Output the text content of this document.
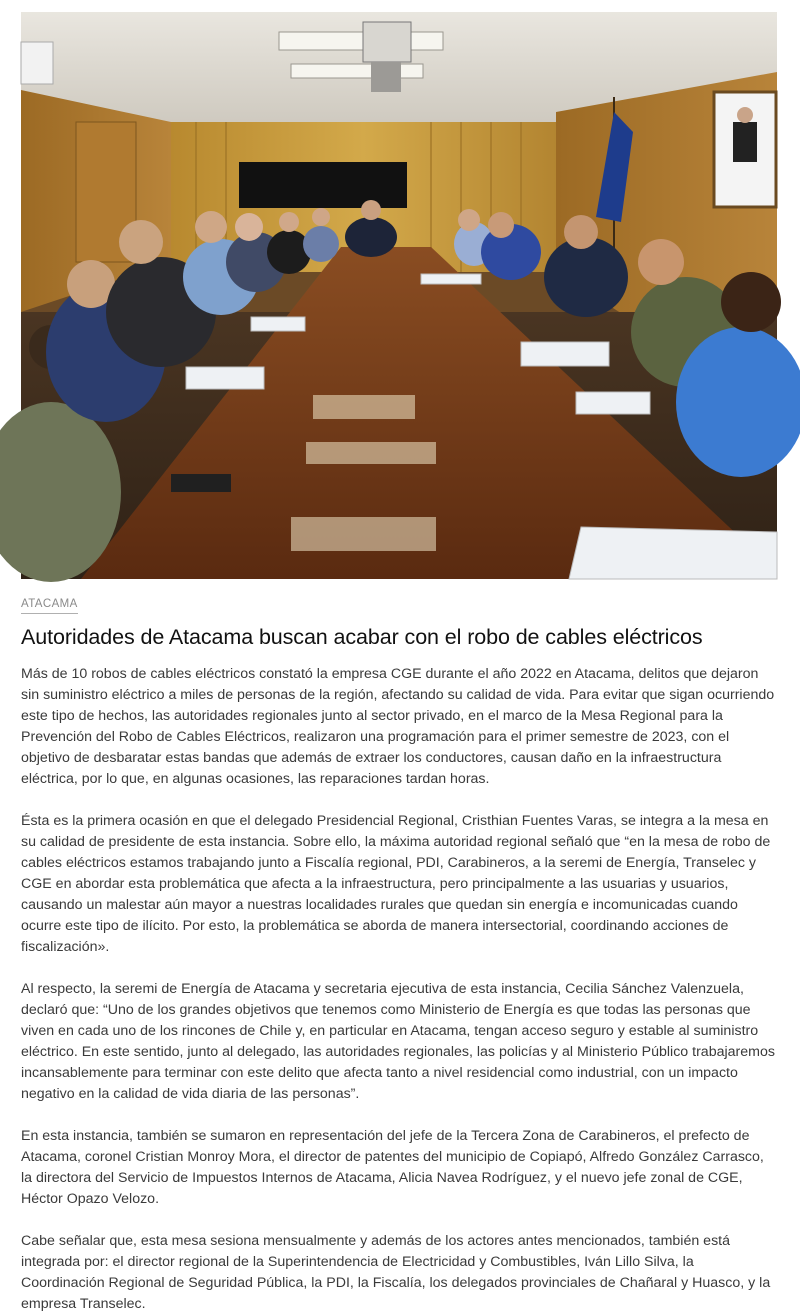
ATACAMA
Autoridades de Atacama buscan acabar con el robo de cables eléctricos

Más de 10 robos de cables eléctricos constató la empresa CGE durante el año 2022 en Atacama, delitos que dejaron sin suministro eléctrico a miles de personas de la región, afectando su calidad de vida. Para evitar que sigan ocurriendo este tipo de hechos, las autoridades regionales junto al sector privado, en el marco de la Mesa Regional para la Prevención del Robo de Cables Eléctricos, realizaron una programación para el primer semestre de 2023, con el objetivo de desbaratar estas bandas que además de extraer los conductores, causan daño en la infraestructura eléctrica, por lo que, en algunas ocasiones, las reparaciones tardan horas.

Ésta es la primera ocasión en que el delegado Presidencial Regional, Cristhian Fuentes Varas, se integra a la mesa en su calidad de presidente de esta instancia. Sobre ello, la máxima autoridad regional señaló que “en la mesa de robo de cables eléctricos estamos trabajando junto a Fiscalía regional, PDI, Carabineros, a la seremi de Energía, Transelec y CGE en abordar esta problemática que afecta a la infraestructura, pero principalmente a las usuarias y usuarios, causando un malestar aún mayor a nuestras localidades rurales que quedan sin energía e incomunicadas cuando ocurre este tipo de ilícito. Por esto, la problemática se aborda de manera intersectorial, coordinando acciones de fiscalización».

Al respecto, la seremi de Energía de Atacama y secretaria ejecutiva de esta instancia, Cecilia Sánchez Valenzuela, declaró que: “Uno de los grandes objetivos que tenemos como Ministerio de Energía es que todas las personas que viven en cada uno de los rincones de Chile y, en particular en Atacama, tengan acceso seguro y estable al suministro eléctrico. En este sentido, junto al delegado, las autoridades regionales, las policías y al Ministerio Público trabajaremos incansablemente para terminar con este delito que afecta tanto a nivel residencial como industrial, con un impacto negativo en la calidad de vida diaria de las personas”.

En esta instancia, también se sumaron en representación del jefe de la Tercera Zona de Carabineros, el prefecto de Atacama, coronel Cristian Monroy Mora, el director de patentes del municipio de Copiapó, Alfredo González Carrasco, la directora del Servicio de Impuestos Internos de Atacama, Alicia Navea Rodríguez, y el nuevo jefe zonal de CGE, Héctor Opazo Velozo.

Cabe señalar que, esta mesa sesiona mensualmente y además de los actores antes mencionados, también está integrada por: el director regional de la Superintendencia de Electricidad y Combustibles, Iván Lillo Silva, la Coordinación Regional de Seguridad Pública, la PDI, la Fiscalía, los delegados provinciales de Chañaral y Huasco, y la empresa Transelec.
